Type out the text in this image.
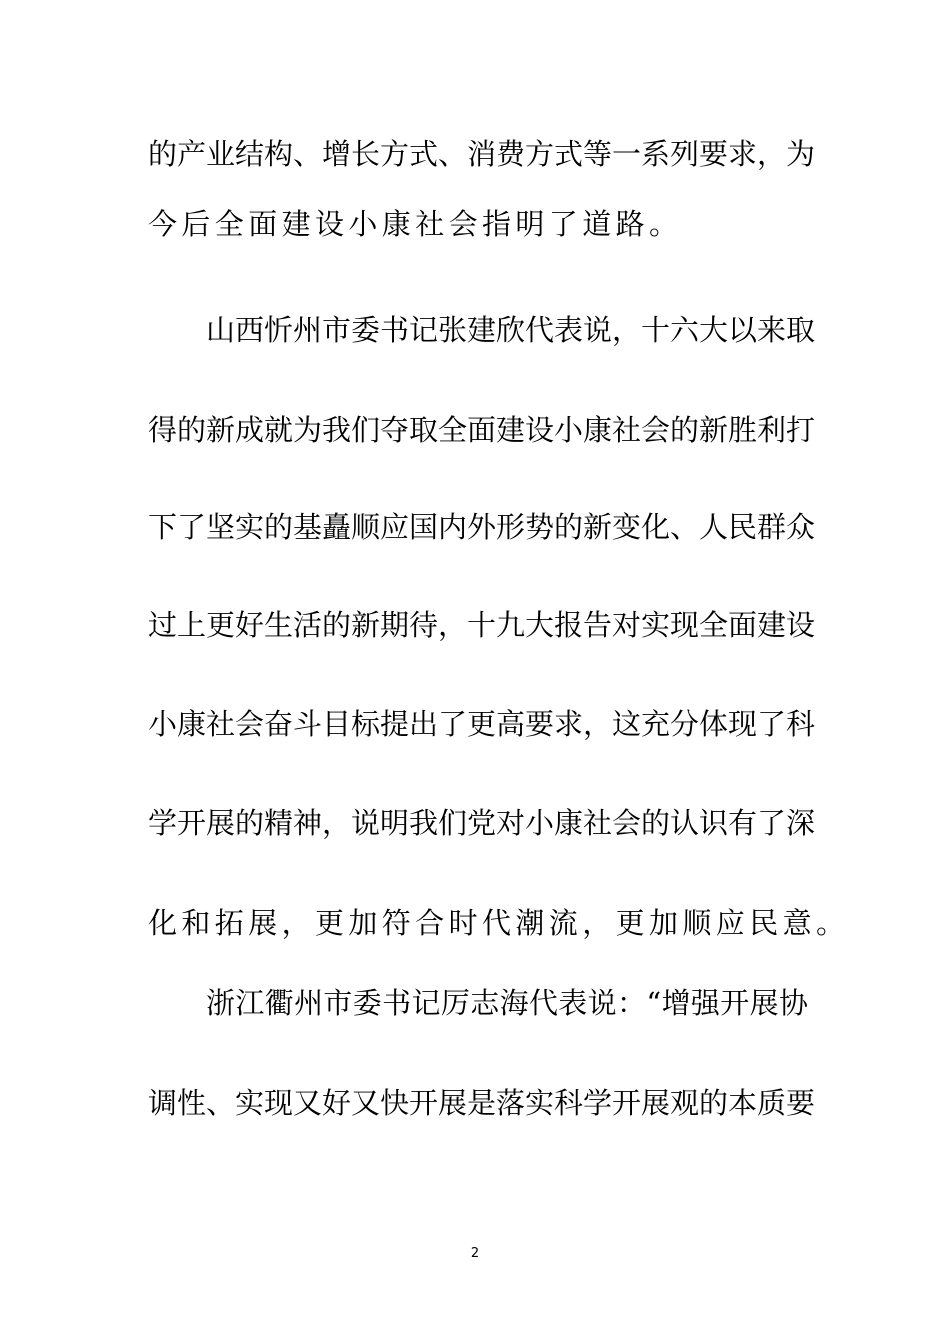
的产业结构、增长方式、消费方式等一系列要求，为
今后全面建设小康社会指明了道路。
山西忻州市委书记张建欣代表说，十六大以来取
得的新成就为我们夺取全面建设小康社会的新胜利打
下了坚实的基矗顺应国内外形势的新变化、人民群众
过上更好生活的新期待，十九大报告对实现全面建设
小康社会奋斗目标提出了更高要求，这充分体现了科
学开展的精神，说明我们党对小康社会的认识有了深
化和拓展，更加符合时代潮流，更加顺应民意。
浙江衢州市委书记厉志海代表说：“增强开展协
调性、实现又好又快开展是落实科学开展观的本质要
2
